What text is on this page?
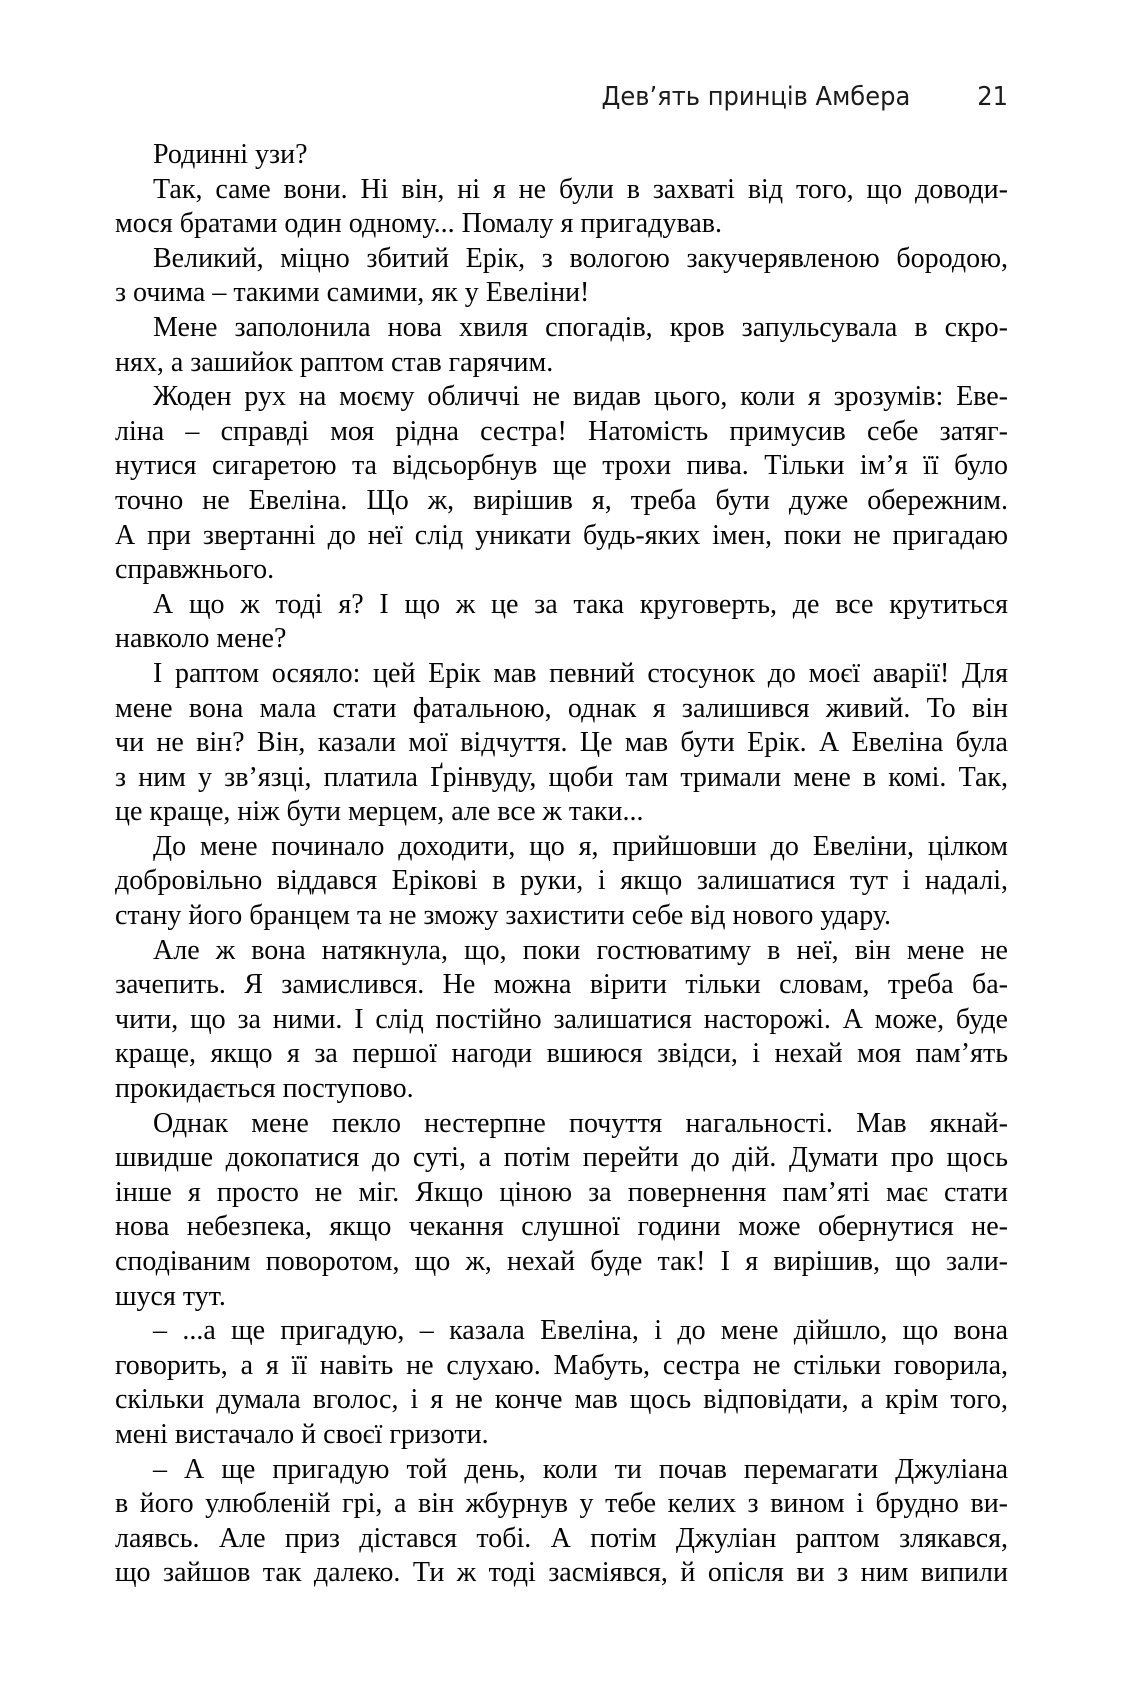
Дев’ять принців Амбера	21
Родинні узи?
Так, саме вони. Ні він, ні я не були в захваті від того, що доводи-
мося братами один одному... Помалу я пригадував.
Великий, міцно збитий Ерік, з вологою закучерявленою бородою,
з очима – такими самими, як у Евеліни!
Мене заполонила нова хвиля спогадів, кров запульсувала в скро-
нях, а зашийок раптом став гарячим.
Жоден рух на моєму обличчі не видав цього, коли я зрозумів: Еве-
ліна – справді моя рідна сестра! Натомість примусив себе затяг-
нутися сигаретою та відсьорбнув ще трохи пива. Тільки ім’я її було
точно не Евеліна. Що ж, вирішив я, треба бути дуже обережним.
А при звертанні до неї слід уникати будь-яких імен, поки не пригадаю
справжнього.
А що ж тоді я? І що ж це за така круговерть, де все крутиться
навколо мене?
І раптом осяяло: цей Ерік мав певний стосунок до моєї аварії! Для
мене вона мала стати фатальною, однак я залишився живий. То він
чи не він? Він, казали мої відчуття. Це мав бути Ерік. А Евеліна була
з ним у зв’язці, платила Ґрінвуду, щоби там тримали мене в комі. Так,
це краще, ніж бути мерцем, але все ж таки...
До мене починало доходити, що я, прийшовши до Евеліни, цілком
добровільно віддався Ерікові в руки, і якщо залишатися тут і надалі,
стану його бранцем та не зможу захистити себе від нового удару.
Але ж вона натякнула, що, поки гостюватиму в неї, він мене не
зачепить. Я замислився. Не можна вірити тільки словам, треба ба-
чити, що за ними. І слід постійно залишатися насторожі. А може, буде
краще, якщо я за першої нагоди вшиюся звідси, і нехай моя пам’ять
прокидається поступово.
Однак мене пекло нестерпне почуття нагальності. Мав якнай-
швидше докопатися до суті, а потім перейти до дій. Думати про щось
інше я просто не міг. Якщо ціною за повернення пам’яті має стати
нова небезпека, якщо чекання слушної години може обернутися не-
сподіваним поворотом, що ж, нехай буде так! І я вирішив, що зали-
шуся тут.
– ...а ще пригадую, – казала Евеліна, і до мене дійшло, що вона
говорить, а я її навіть не слухаю. Мабуть, сестра не стільки говорила,
скільки думала вголос, і я не конче мав щось відповідати, а крім того,
мені вистачало й своєї гризоти.
– А ще пригадую той день, коли ти почав перемагати Джуліана
в його улюбленій грі, а він жбурнув у тебе келих з вином і брудно ви-
лаявсь. Але приз дістався тобі. А потім Джуліан раптом злякався,
що зайшов так далеко. Ти ж тоді засміявся, й опісля ви з ним випили
